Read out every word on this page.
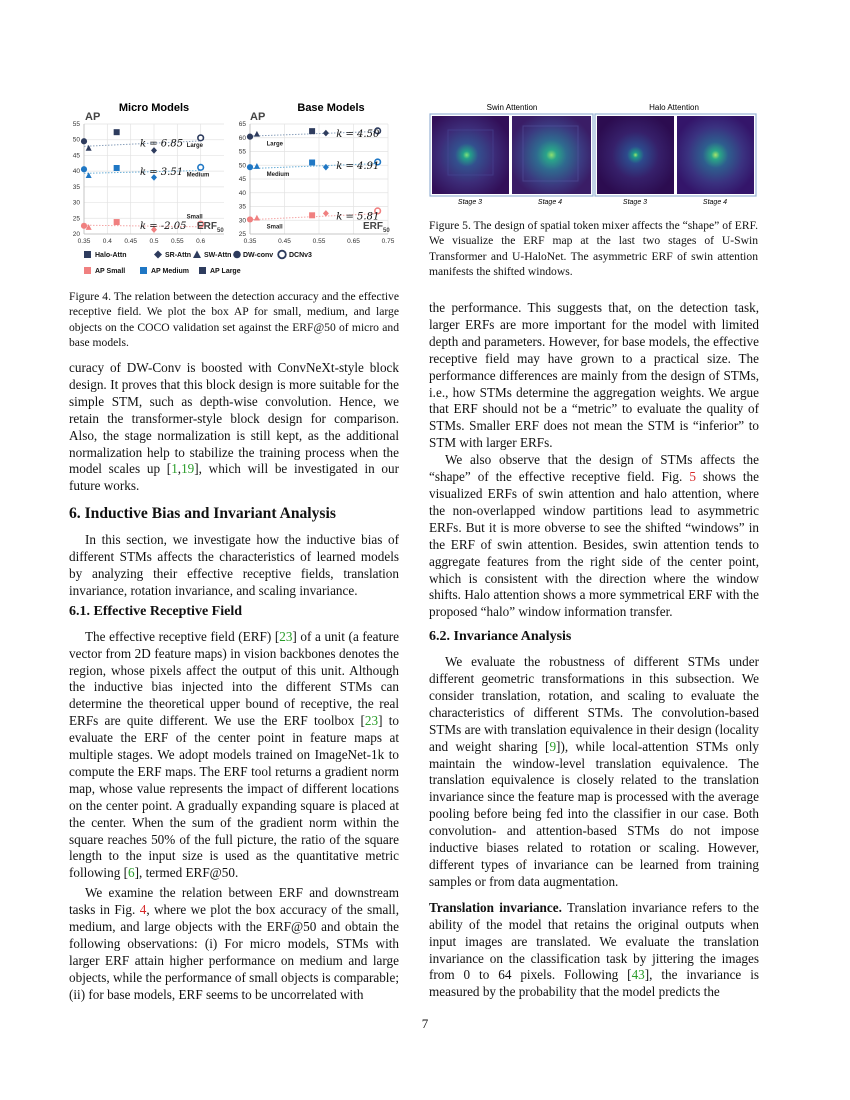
Micro Models
AP
20
25
30
35
40
45
50
55
0.35 0.4 0.45 0.5 0.55 0.6
Large
k = 6.85
Medium
k = 3.51
Small
k = -2.05 $ERF_{50}$
Base Models
AP
25
30
35
40
45
50
55
60
65
0.35	0.45	0.55	0.65	0.75
Large
k = 4.50
Medium
k = 4.91
Small
k = 5.81
$ERF_{50}$
Halo-Attn	SR-Attn SW-Attn DW-conv DCNv3
AP Small	AP Medium	AP Large
Figure 4. The relation between the detection accuracy and the effective receptive field. We plot the box AP for small, medium, and large objects on the COCO validation set against the ERF@50 of micro and base models.
Swin Attention	Halo Attention
Stage 3	Stage 4	Stage 3	Stage 4
Figure 5. The design of spatial token mixer affects the “shape” of ERF. We visualize the ERF map at the last two stages of U-Swin Transformer and U-HaloNet. The asymmetric ERF of swin attention manifests the shifted windows.

curacy of DW-Conv is boosted with ConvNeXt-style block design. It proves that this block design is more suitable for the simple STM, such as depth-wise convolution. Hence, we retain the transformer-style block design for comparison. Also, the stage normalization is still kept, as the additional normalization help to stabilize the training process when the model scales up [1,19], which will be investigated in our future works.

6. Inductive Bias and Invariant Analysis

In this section, we investigate how the inductive bias of different STMs affects the characteristics of learned models by analyzing their effective receptive fields, translation invariance, rotation invariance, and scaling invariance.

6.1. Effective Receptive Field

The effective receptive field (ERF) [23] of a unit (a feature vector from 2D feature maps) in vision backbones denotes the region, whose pixels affect the output of this unit. Although the inductive bias injected into the different STMs can determine the theoretical upper bound of receptive, the real ERFs are quite different. We use the ERF toolbox [23] to evaluate the ERF of the center point in feature maps at multiple stages. We adopt models trained on ImageNet-1k to compute the ERF maps. The ERF tool returns a gradient norm map, whose value represents the impact of different locations on the center point. A gradually expanding square is placed at the center. When the sum of the gradient norm within the square reaches 50% of the full picture, the ratio of the square length to the input size is used as the quantitative metric following [6], termed ERF@50.

We examine the relation between ERF and downstream tasks in Fig. 4, where we plot the box accuracy of the small, medium, and large objects with the ERF@50 and obtain the following observations: (i) For micro models, STMs with larger ERF attain higher performance on medium and large objects, while the performance of small objects is comparable; (ii) for base models, ERF seems to be uncorrelated with

the performance. This suggests that, on the detection task, larger ERFs are more important for the model with limited depth and parameters. However, for base models, the effective receptive field may have grown to a practical size. The performance differences are mainly from the design of STMs, i.e., how STMs determine the aggregation weights. We argue that ERF should not be a “metric” to evaluate the quality of STMs. Smaller ERF does not mean the STM is “inferior” to STM with larger ERFs.

We also observe that the design of STMs affects the “shape” of the effective receptive field. Fig. 5 shows the visualized ERFs of swin attention and halo attention, where the non-overlapped window partitions lead to asymmetric ERFs. But it is more obverse to see the shifted “windows” in the ERF of swin attention. Besides, swin attention tends to aggregate features from the right side of the center point, which is consistent with the direction where the window shifts. Halo attention shows a more symmetrical ERF with the proposed “halo” window information transfer.

6.2. Invariance Analysis

We evaluate the robustness of different STMs under different geometric transformations in this subsection. We consider translation, rotation, and scaling to evaluate the characteristics of different STMs. The convolution-based STMs are with translation equivalence in their design (locality and weight sharing [9]), while local-attention STMs only maintain the window-level translation equivalence. The translation equivalence is closely related to the translation invariance since the feature map is processed with the average pooling before being fed into the classifier in our case. Both convolution- and attention-based STMs do not impose inductive biases related to rotation or scaling. However, different types of invariance can be learned from training samples or from data augmentation.

Translation invariance. Translation invariance refers to the ability of the model that retains the original outputs when input images are translated. We evaluate the translation invariance on the classification task by jittering the images from 0 to 64 pixels. Following [43], the invariance is measured by the probability that the model predicts the

7
